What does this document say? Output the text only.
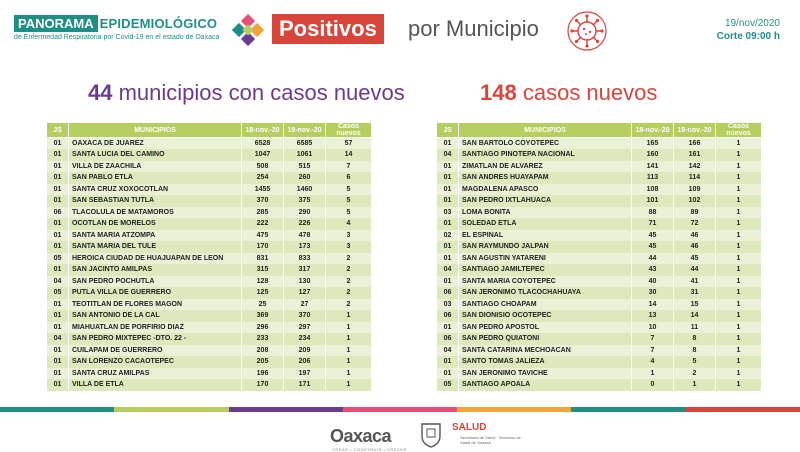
PANORAMA EPIDEMIOLÓGICO
de Enfermedad Respiratoria por Covid-19 en el estado de Oaxaca	Positivos	por Municipio	19/nov/2020
Corte 09:00 h
44 municipios con casos nuevos	148 casos nuevos
JS	MUNICIPIOS	18-nov.-20	19-nov.-20	Casos nuevos
01	OAXACA DE JUAREZ	6528	6585	57
01	SANTA LUCIA DEL CAMINO	1047	1061	14
01	VILLA DE ZAACHILA	508	515	7
01	SAN PABLO ETLA	254	260	6
01	SANTA CRUZ XOXOCOTLAN	1455	1460	5
01	SAN SEBASTIAN TUTLA	370	375	5
06	TLACOLULA DE MATAMOROS	285	290	5
01	OCOTLAN DE MORELOS	222	226	4
01	SANTA MARIA ATZOMPA	475	478	3
01	SANTA MARIA DEL TULE	170	173	3
05	HEROICA CIUDAD DE HUAJUAPAN DE LEON	831	833	2
01	SAN JACINTO AMILPAS	315	317	2
04	SAN PEDRO POCHUTLA	128	130	2
05	PUTLA VILLA DE GUERRERO	125	127	2
01	TEOTITLAN DE FLORES MAGON	25	27	2
01	SAN ANTONIO DE LA CAL	369	370	1
01	MIAHUATLAN DE PORFIRIO DIAZ	296	297	1
04	SAN PEDRO MIXTEPEC -DTO. 22 -	233	234	1
01	CUILAPAM DE GUERRERO	208	209	1
01	SAN LORENZO CACAOTEPEC	205	206	1
01	SANTA CRUZ AMILPAS	196	197	1
01	VILLA DE ETLA	170	171	1
JS	MUNICIPIOS	18-nov.-20	19-nov.-20	Casos nuevos
01	SAN BARTOLO COYOTEPEC	165	166	1
04	SANTIAGO PINOTEPA NACIONAL	160	161	1
01	ZIMATLAN DE ALVAREZ	141	142	1
01	SAN ANDRES HUAYAPAM	113	114	1
01	MAGDALENA APASCO	108	109	1
01	SAN PEDRO IXTLAHUACA	101	102	1
03	LOMA BONITA	88	89	1
01	SOLEDAD ETLA	71	72	1
02	EL ESPINAL	45	46	1
01	SAN RAYMUNDO JALPAN	45	46	1
01	SAN AGUSTIN YATARENI	44	45	1
04	SANTIAGO JAMILTEPEC	43	44	1
01	SANTA MARIA COYOTEPEC	40	41	1
06	SAN JERONIMO TLACOCHAHUAYA	30	31	1
03	SANTIAGO CHOAPAM	14	15	1
06	SAN DIONISIO OCOTEPEC	13	14	1
01	SAN PEDRO APOSTOL	10	11	1
06	SAN PEDRO QUIATONI	7	8	1
04	SANTA CATARINA MECHOACAN	7	8	1
01	SANTO TOMAS JALIEZA	4	5	1
01	SAN JERONIMO TAVICHE	1	2	1
05	SANTIAGO APOALA	0	1	1
Oaxaca
CREAR • CONSTRUIR • CRECER
SALUD
Secretaría de Salud · Servicios de Salud de Oaxaca
